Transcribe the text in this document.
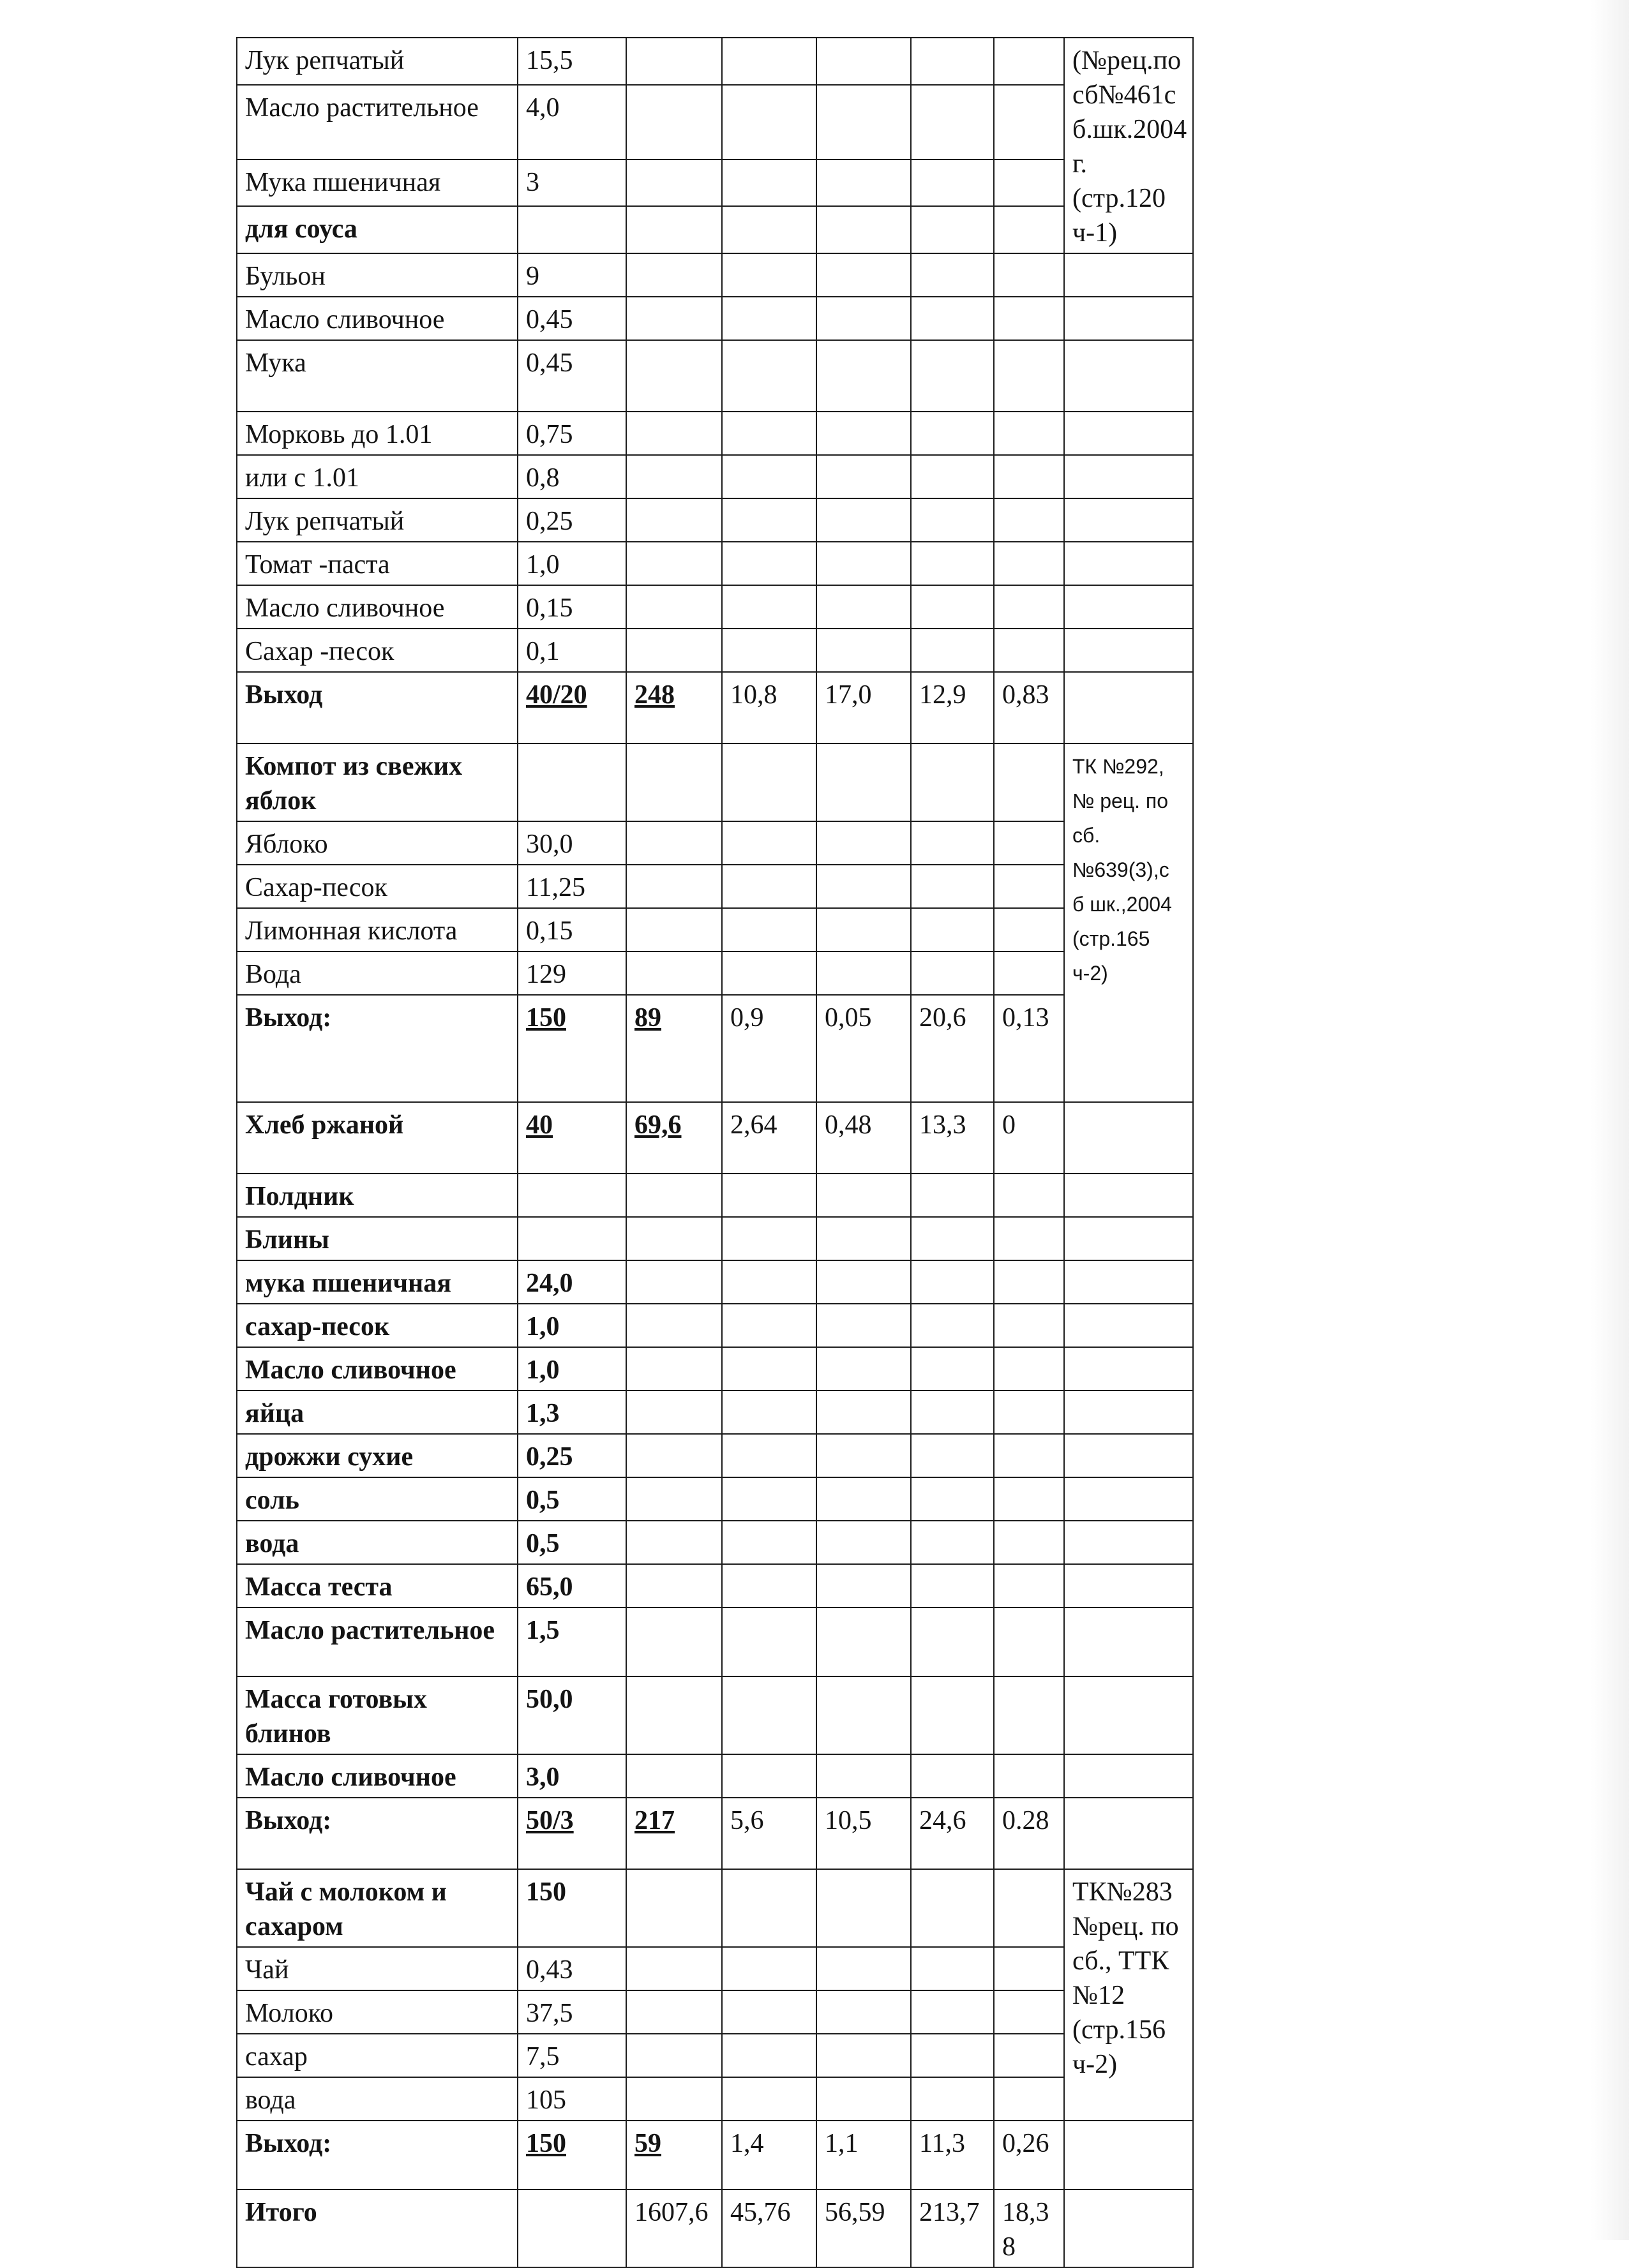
Лук репчатый	15,5						(№рец.по сб№461с б.шк.2004 г. (стр.120 ч-1)
Масло растительное	4,0						
Мука пшеничная	3						
для соуса							
Бульон	9						
Масло сливочное	0,45						
Мука	0,45						
Морковь до 1.01	0,75						
или с 1.01	0,8						
Лук репчатый	0,25						
Томат -паста	1,0						
Масло сливочное	0,15						
Сахар -песок	0,1						
Выход	40/20	248	10,8	17,0	12,9	0,83	
Компот из свежих яблок							ТК №292, № рец. по сб. №639(3),с б шк.,2004 (стр.165 ч-2)
Яблоко	30,0						
Сахар-песок	11,25						
Лимонная кислота	0,15						
Вода	129						
Выход:	150	89	0,9	0,05	20,6	0,13	
Хлеб ржаной	40	69,6	2,64	0,48	13,3	0	
Полдник							
Блины							
мука пшеничная	24,0						
сахар-песок	1,0						
Масло сливочное	1,0						
яйца	1,3						
дрожжи сухие	0,25						
соль	0,5						
вода	0,5						
Масса теста	65,0						
Масло растительное	1,5						
Масса готовых блинов	50,0						
Масло сливочное	3,0						
Выход:	50/3	217	5,6	10,5	24,6	0.28	
Чай с молоком и сахаром	150						ТК№283 №рец. по сб., ТТК №12 (стр.156 ч-2)
Чай	0,43						
Молоко	37,5						
сахар	7,5						
вода	105						
Выход:	150	59	1,4	1,1	11,3	0,26	
Итого		1607,6	45,76	56,59	213,7	18,38	
